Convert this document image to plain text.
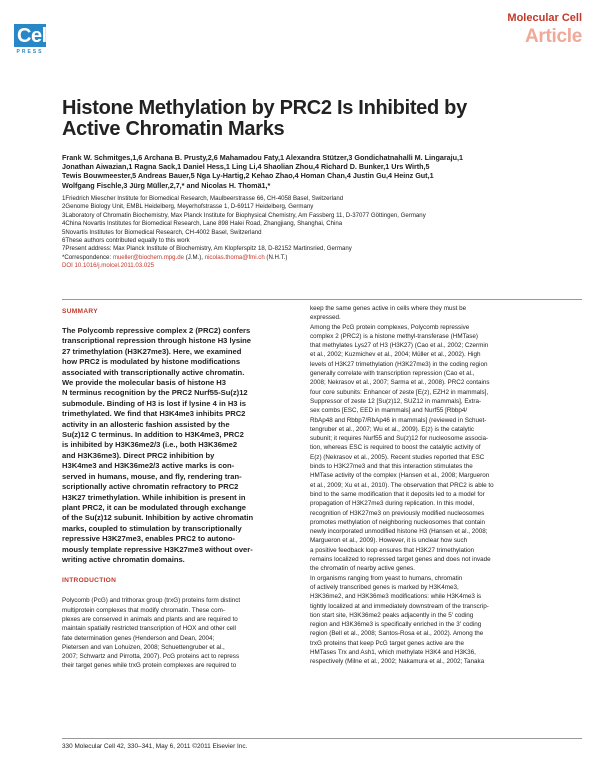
Cell
PRESS
Molecular Cell
Article
Histone Methylation by PRC2 Is Inhibited by Active Chromatin Marks
Frank W. Schmitges,1,6 Archana B. Prusty,2,6 Mahamadou Faty,1 Alexandra Stützer,3 Gondichatnahalli M. Lingaraju,1
Jonathan Aiwazian,1 Ragna Sack,1 Daniel Hess,1 Ling Li,4 Shaolian Zhou,4 Richard D. Bunker,1 Urs Wirth,5
Tewis Bouwmeester,5 Andreas Bauer,5 Nga Ly-Hartig,2 Kehao Zhao,4 Homan Chan,4 Justin Gu,4 Heinz Gut,1
Wolfgang Fischle,3 Jürg Müller,2,7,* and Nicolas H. Thomä1,*
1Friedrich Miescher Institute for Biomedical Research, Maulbeerstrasse 66, CH-4058 Basel, Switzerland
2Genome Biology Unit, EMBL Heidelberg, Meyerhofstrasse 1, D-69117 Heidelberg, Germany
3Laboratory of Chromatin Biochemistry, Max Planck Institute for Biophysical Chemistry, Am Fassberg 11, D-37077 Göttingen, Germany
4China Novartis Institutes for Biomedical Research, Lane 898 Halei Road, Zhangjiang, Shanghai, China
5Novartis Institutes for Biomedical Research, CH-4002 Basel, Switzerland
6These authors contributed equally to this work
7Present address: Max Planck Institute of Biochemistry, Am Klopferspitz 18, D-82152 Martinsried, Germany
*Correspondence: mueller@biochem.mpg.de (J.M.), nicolas.thoma@fmi.ch (N.H.T.)
DOI 10.1016/j.molcel.2011.03.025
SUMMARY
The Polycomb repressive complex 2 (PRC2) confers
transcriptional repression through histone H3 lysine
27 trimethylation (H3K27me3). Here, we examined
how PRC2 is modulated by histone modifications
associated with transcriptionally active chromatin.
We provide the molecular basis of histone H3
N terminus recognition by the PRC2 Nurf55-Su(z)12
submodule. Binding of H3 is lost if lysine 4 in H3 is
trimethylated. We find that H3K4me3 inhibits PRC2
activity in an allosteric fashion assisted by the
Su(z)12 C terminus. In addition to H3K4me3, PRC2
is inhibited by H3K36me2/3 (i.e., both H3K36me2
and H3K36me3). Direct PRC2 inhibition by
H3K4me3 and H3K36me2/3 active marks is con-
served in humans, mouse, and fly, rendering tran-
scriptionally active chromatin refractory to PRC2
H3K27 trimethylation. While inhibition is present in
plant PRC2, it can be modulated through exchange
of the Su(z)12 subunit. Inhibition by active chromatin
marks, coupled to stimulation by transcriptionally
repressive H3K27me3, enables PRC2 to autono-
mously template repressive H3K27me3 without over-
writing active chromatin domains.
INTRODUCTION
Polycomb (PcG) and trithorax group (trxG) proteins form distinct
multiprotein complexes that modify chromatin. These com-
plexes are conserved in animals and plants and are required to
maintain spatially restricted transcription of HOX and other cell
fate determination genes (Henderson and Dean, 2004;
Pietersen and van Lohuizen, 2008; Schuettengruber et al.,
2007; Schwartz and Pirrotta, 2007). PcG proteins act to repress
their target genes while trxG protein complexes are required to
keep the same genes active in cells where they must be
expressed.
Among the PcG protein complexes, Polycomb repressive
complex 2 (PRC2) is a histone methyl-transferase (HMTase)
that methylates Lys27 of H3 (H3K27) (Cao et al., 2002; Czermin
et al., 2002; Kuzmichev et al., 2004; Müller et al., 2002). High
levels of H3K27 trimethylation (H3K27me3) in the coding region
generally correlate with transcription repression (Cao et al.,
2008; Nekrasov et al., 2007; Sarma et al., 2008). PRC2 contains
four core subunits: Enhancer of zeste [E(z), EZH2 in mammals],
Suppressor of zeste 12 [Su(z)12, SUZ12 in mammals], Extra-
sex combs [ESC, EED in mammals] and Nurf55 [Rbbp4/
RbAp48 and Rbbp7/RbAp46 in mammals] (reviewed in Schuet-
tengruber et al., 2007; Wu et al., 2009). E(z) is the catalytic
subunit; it requires Nurf55 and Su(z)12 for nucleosome associa-
tion, whereas ESC is required to boost the catalytic activity of
E(z) (Nekrasov et al., 2005). Recent studies reported that ESC
binds to H3K27me3 and that this interaction stimulates the
HMTase activity of the complex (Hansen et al., 2008; Margueron
et al., 2009; Xu et al., 2010). The observation that PRC2 is able to
bind to the same modification that it deposits led to a model for
propagation of H3K27me3 during replication. In this model,
recognition of H3K27me3 on previously modified nucleosomes
promotes methylation of neighboring nucleosomes that contain
newly incorporated unmodified histone H3 (Hansen et al., 2008;
Margueron et al., 2009). However, it is unclear how such
a positive feedback loop ensures that H3K27 trimethylation
remains localized to repressed target genes and does not invade
the chromatin of nearby active genes.
In organisms ranging from yeast to humans, chromatin
of actively transcribed genes is marked by H3K4me3,
H3K36me2, and H3K36me3 modifications: while H3K4me3 is
tightly localized at and immediately downstream of the transcrip-
tion start site, H3K36me2 peaks adjacently in the 5′ coding
region and H3K36me3 is specifically enriched in the 3′ coding
region (Bell et al., 2008; Santos-Rosa et al., 2002). Among the
trxG proteins that keep PcG target genes active are the
HMTases Trx and Ash1, which methylate H3K4 and H3K36,
respectively (Milne et al., 2002; Nakamura et al., 2002; Tanaka
330 Molecular Cell 42, 330–341, May 6, 2011 ©2011 Elsevier Inc.
